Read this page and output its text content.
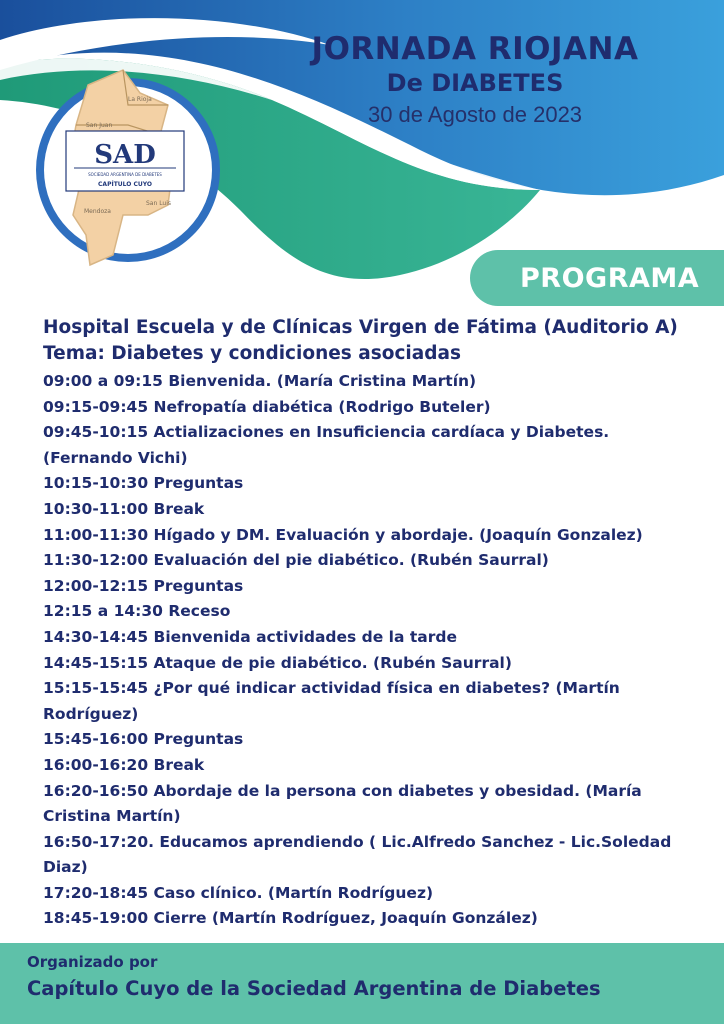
JORNADA RIOJANA
De DIABETES
30 de Agosto de 2023
SAD
SOCIEDAD ARGENTINA DE DIABETES
CAPÍTULO CUYO
La Rioja
San Juan
Mendoza
San Luis
PROGRAMA
Hospital Escuela y de Clínicas Virgen de Fátima (Auditorio A)
Tema: Diabetes y condiciones asociadas
09:00 a 09:15 Bienvenida. (María Cristina Martín)
09:15-09:45 Nefropatía diabética (Rodrigo Buteler)
09:45-10:15 Actializaciones en Insuficiencia cardíaca y Diabetes. (Fernando Vichi)
10:15-10:30 Preguntas
10:30-11:00 Break
11:00-11:30 Hígado y DM. Evaluación y abordaje. (Joaquín Gonzalez)
11:30-12:00 Evaluación del pie diabético. (Rubén Saurral)
12:00-12:15 Preguntas
12:15 a 14:30 Receso
14:30-14:45 Bienvenida actividades de la tarde
14:45-15:15 Ataque de pie diabético. (Rubén Saurral)
15:15-15:45 ¿Por qué indicar actividad física en diabetes? (Martín Rodríguez)
15:45-16:00 Preguntas
16:00-16:20 Break
16:20-16:50 Abordaje de la persona con diabetes y obesidad. (María Cristina Martín)
16:50-17:20. Educamos aprendiendo ( Lic.Alfredo Sanchez - Lic.Soledad Diaz)
17:20-18:45 Caso clínico. (Martín Rodríguez)
18:45-19:00 Cierre (Martín Rodríguez, Joaquín González)
Organizado por
Capítulo Cuyo de la Sociedad Argentina de Diabetes
